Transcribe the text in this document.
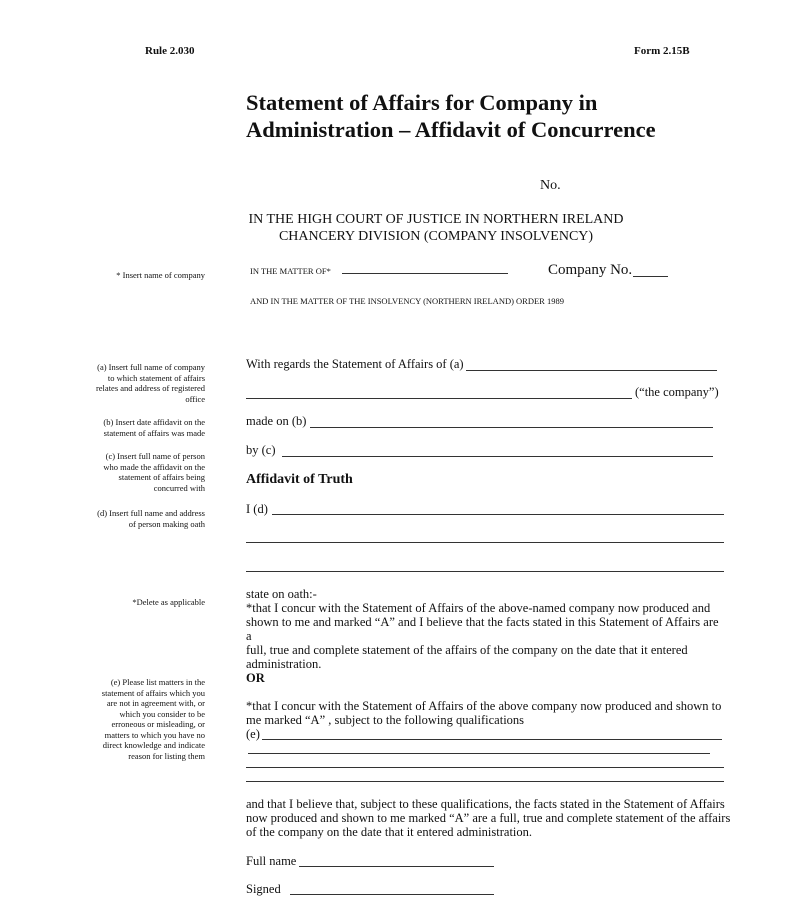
Rule 2.030	Form 2.15B
Statement of Affairs for Company in
Administration – Affidavit of Concurrence
No.
IN THE HIGH COURT OF JUSTICE IN NORTHERN IRELAND
CHANCERY DIVISION (COMPANY INSOLVENCY)
IN THE MATTER OF*	Company No.
AND IN THE MATTER OF THE INSOLVENCY (NORTHERN IRELAND) ORDER 1989
* Insert name of company
(a) Insert full name of company
to which statement of affairs
relates and address of registered
office
(b) Insert date affidavit on the
statement of affairs was made
(c) Insert full name of person
who made the affidavit on the
statement of affairs being
concurred with
(d) Insert full name and address
of person making oath
*Delete as applicable
(e) Please list matters in the
statement of affairs which you
are not in agreement with, or
which you consider to be
erroneous or misleading, or
matters to which you have no
direct knowledge and indicate
reason for listing them
With regards the Statement of Affairs of (a)
(“the company”)
made on (b)
by (c)
Affidavit of Truth
I (d)
state on oath:-
*that I concur with the Statement of Affairs of the above-named company now produced and
shown to me and marked “A” and I believe that the facts stated in this Statement of Affairs are a
full, true and complete statement of the affairs of the company on the date that it entered
administration.
OR
*that I concur with the Statement of Affairs of the above company now produced and shown to
me marked “A” , subject to the following qualifications
(e)
and that I believe that, subject to these qualifications, the facts stated in the Statement of Affairs
now produced and shown to me marked “A” are a full, true and complete statement of the affairs
of the company on the date that it entered administration.
Full name
Signed
